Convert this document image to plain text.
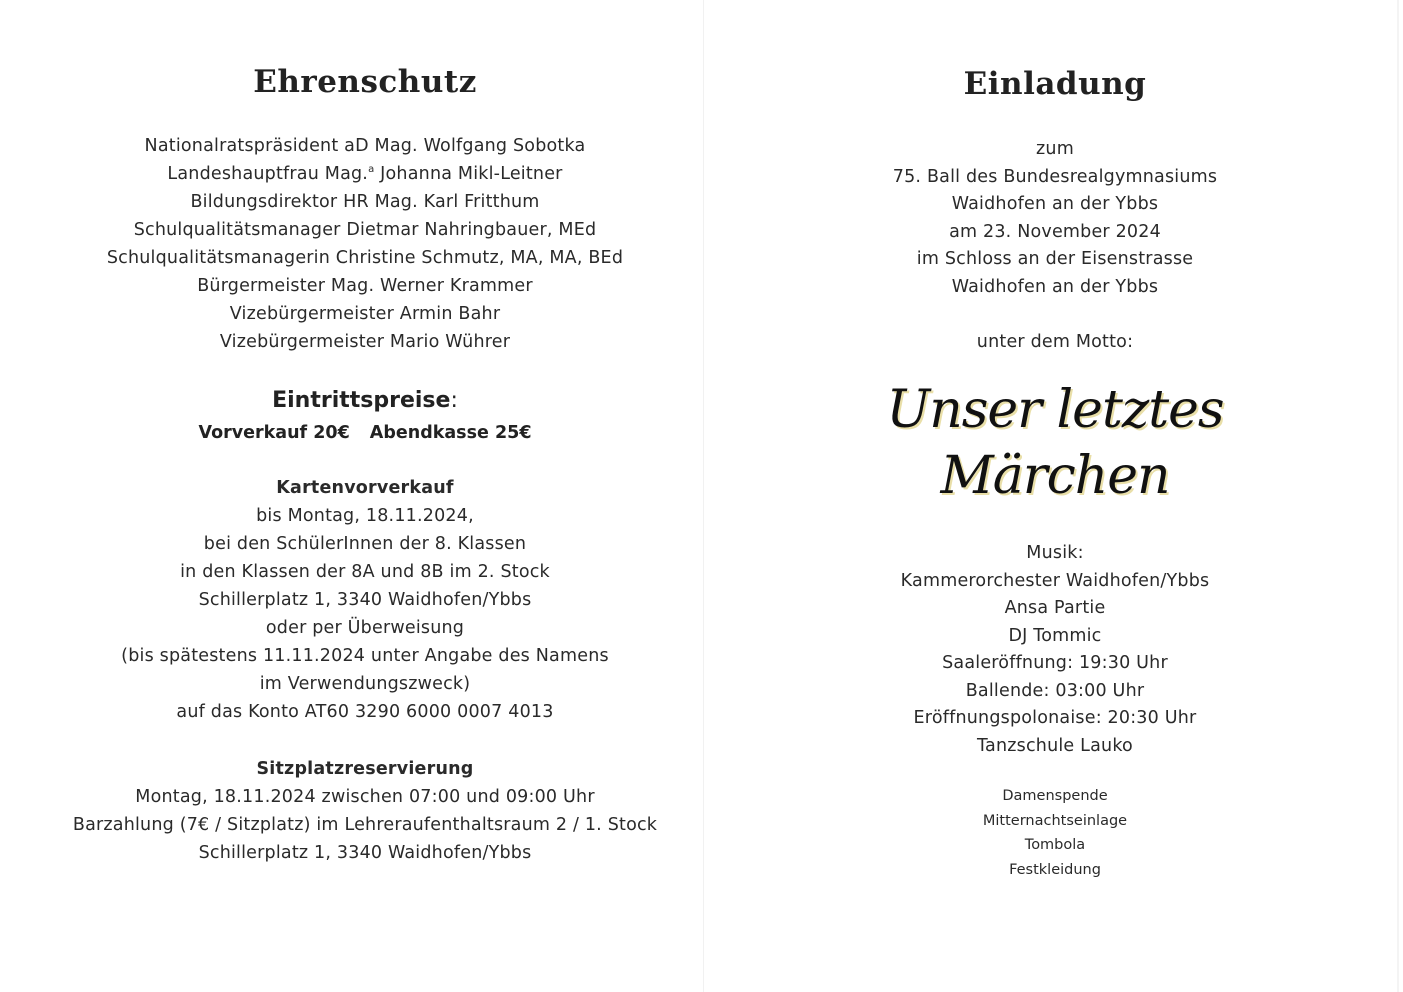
Ehrenschutz
Nationalratspräsident aD Mag. Wolfgang Sobotka
Landeshauptfrau Mag.$^a$ Johanna Mikl-Leitner
Bildungsdirektor HR Mag. Karl Fritthum
Schulqualitätsmanager Dietmar Nahringbauer, MEd
Schulqualitätsmanagerin Christine Schmutz, MA, MA, BEd
Bürgermeister Mag. Werner Krammer
Vizebürgermeister Armin Bahr
Vizebürgermeister Mario Wührer
Eintrittspreise:
Vorverkauf 20€ Abendkasse 25€
Kartenvorverkauf
bis Montag, 18.11.2024,
bei den SchülerInnen der 8. Klassen
in den Klassen der 8A und 8B im 2. Stock
Schillerplatz 1, 3340 Waidhofen/Ybbs
oder per Überweisung
(bis spätestens 11.11.2024 unter Angabe des Namens
im Verwendungszweck)
auf das Konto AT60 3290 6000 0007 4013
Sitzplatzreservierung
Montag, 18.11.2024 zwischen 07:00 und 09:00 Uhr
Barzahlung (7€ / Sitzplatz) im Lehreraufenthaltsraum 2 / 1. Stock
Schillerplatz 1, 3340 Waidhofen/Ybbs
Einladung
zum
75. Ball des Bundesrealgymnasiums
Waidhofen an der Ybbs
am 23. November 2024
im Schloss an der Eisenstrasse
Waidhofen an der Ybbs
unter dem Motto:
Unser letztes
Märchen
Musik:
Kammerorchester Waidhofen/Ybbs
Ansa Partie
DJ Tommic
Saaleröffnung: 19:30 Uhr
Ballende: 03:00 Uhr
Eröffnungspolonaise: 20:30 Uhr
Tanzschule Lauko
Damenspende
Mitternachtseinlage
Tombola
Festkleidung
